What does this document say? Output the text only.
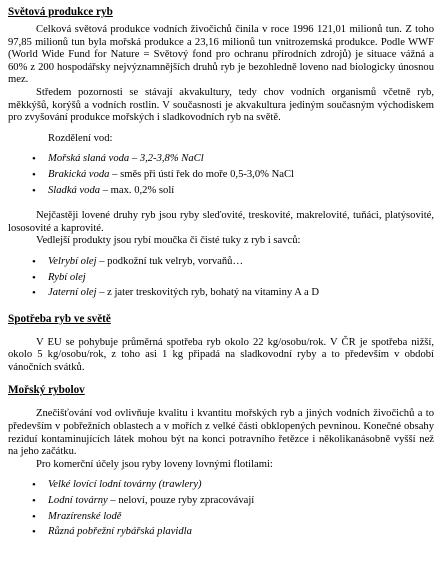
Světová produkce ryb

Celková světová produkce vodních živočichů činila v roce 1996 121,01 milionů tun. Z toho 97,85 milionů tun byla mořská produkce a 23,16 milionů tun vnitrozemská produkce. Podle WWF (World Wide Fund for Nature = Světový fond pro ochranu přírodních zdrojů) je situace vážná a 60% z 200 hospodářsky nejvýznamnějších druhů ryb je bezohledně loveno nad biologicky únosnou mez.

Středem pozornosti se stávají akvakultury, tedy chov vodních organismů včetně ryb, měkkýšů, korýšů a vodních rostlin. V současnosti je akvakultura jediným současným východiskem pro zvyšování produkce mořských i sladkovodních ryb na světě.

Rozdělení vod:
• Mořská slaná voda – 3,2-3,8% NaCl
• Brakická voda – směs při ústí řek do moře 0,5-3,0% NaCl
• Sladká voda – max. 0,2% solí

Nejčastěji lovené druhy ryb jsou ryby sleďovité, treskovité, makrelovité, tuňáci, platýsovité, lososovité a kaprovité.

Vedlejší produkty jsou rybí moučka či čisté tuky z ryb i savců:

• Velrybí olej – podkožní tuk velryb, vorvaňů…
• Rybí olej
• Jaterní olej – z jater treskovitých ryb, bohatý na vitaminy A a D
Spotřeba ryb ve světě

V EU se pohybuje průměrná spotřeba ryb okolo 22 kg/osobu/rok. V ČR je spotřeba nižší, okolo 5 kg/osobu/rok, z toho asi 1 kg připadá na sladkovodní ryby a to především v období vánočních svátků.

Mořský rybolov

Znečišťování vod ovlivňuje kvalitu i kvantitu mořských ryb a jiných vodních živočichů a to především v pobřežních oblastech a v mořích z velké části obklopených pevninou. Konečné obsahy reziduí kontaminujících látek mohou být na konci potravního řetězce i několikanásobně vyšší než na jeho začátku.

Pro komerční účely jsou ryby loveny lovnými flotilami:

• Velké lovící lodní továrny (trawlery)
• Lodní továrny – neloví, pouze ryby zpracovávají
• Mrazírenské lodě
• Různá pobřežní rybářská plavidla
